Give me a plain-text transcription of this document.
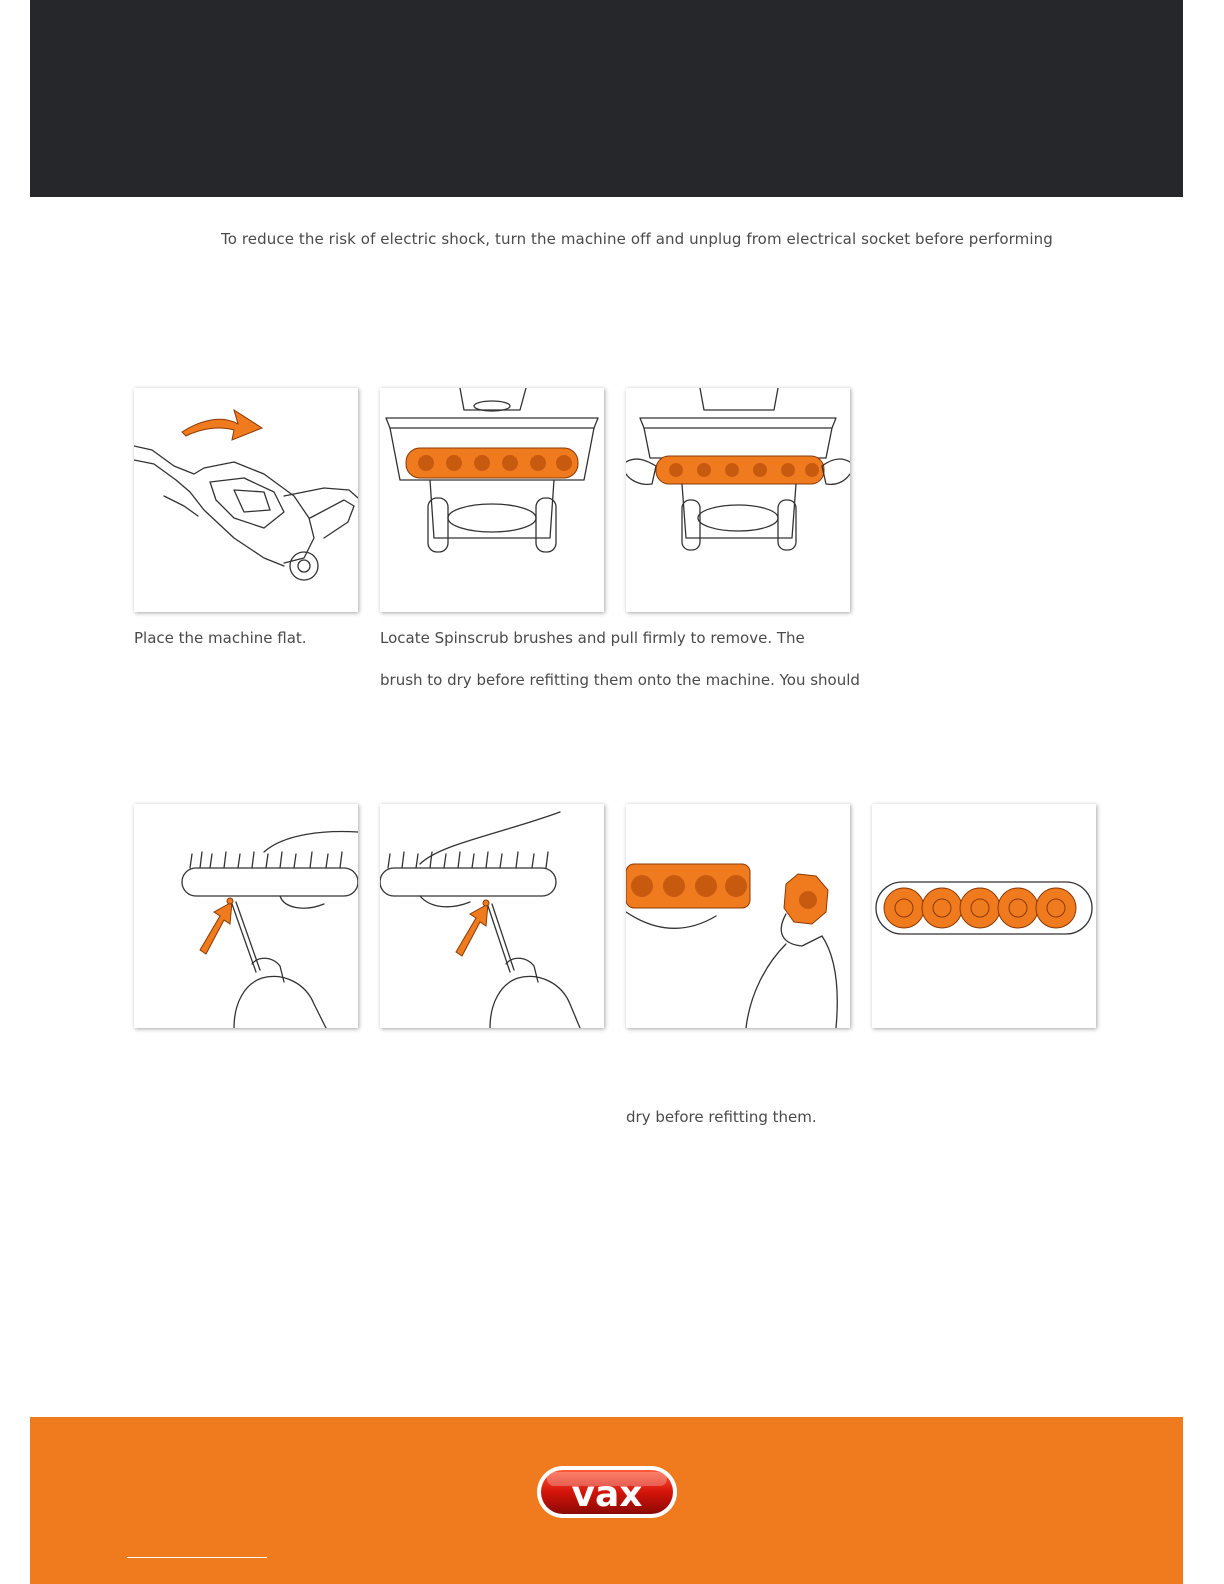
To reduce the risk of electric shock, turn the machine off and unplug from electrical socket before performing
Place the machine flat.	Locate Spinscrub brushes and pull firmly to remove. The
brush to dry before refitting them onto the machine. You should
dry before refitting them.
vax
